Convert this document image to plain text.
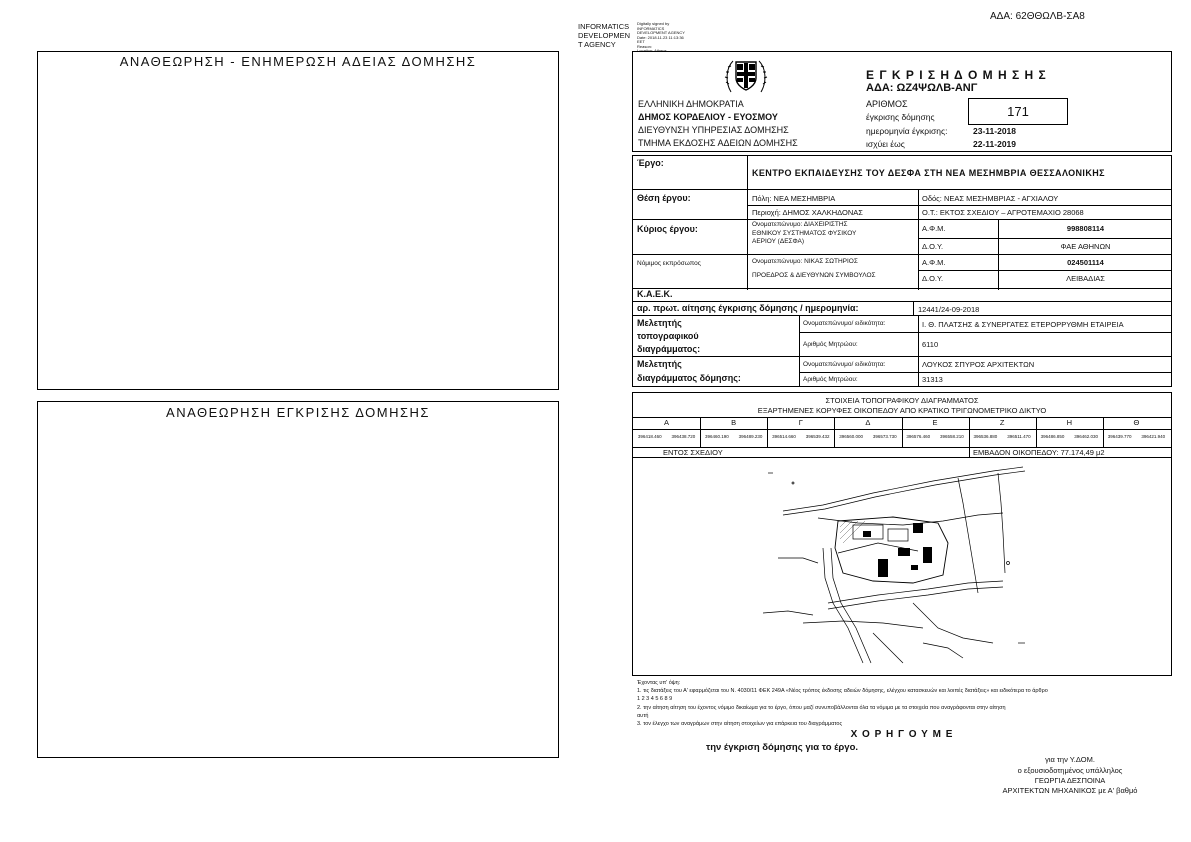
ΑΔΑ: 62ΘΘΩΛΒ-ΣΑ8
INFORMATICS
DEVELOPMEN
T AGENCY
Digitally signed by
INFORMATICS
DEVELOPMENT AGENCY
Date: 2018.11.23 11:13:36
EET
Reason:
Location: Athens
ΑΝΑΘΕΩΡΗΣΗ - ΕΝΗΜΕΡΩΣΗ ΑΔΕΙΑΣ ΔΟΜΗΣΗΣ
ΑΝΑΘΕΩΡΗΣΗ ΕΓΚΡΙΣΗΣ ΔΟΜΗΣΗΣ
Ε Γ Κ Ρ Ι Σ Η Δ Ο Μ Η Σ Η Σ
ΑΔΑ: ΩΖ4ΨΩΛΒ-ΑΝΓ
ΕΛΛΗΝΙΚΗ ΔΗΜΟΚΡΑΤΙΑ
ΔΗΜΟΣ ΚΟΡΔΕΛΙΟΥ - ΕΥΟΣΜΟΥ
ΔΙΕΥΘΥΝΣΗ ΥΠΗΡΕΣΙΑΣ ΔΟΜΗΣΗΣ
ΤΜΗΜΑ ΕΚΔΟΣΗΣ ΑΔΕΙΩΝ ΔΟΜΗΣΗΣ
ΑΡΙΘΜΟΣ
έγκρισης δόμησης	171
ημερομηνία έγκρισης:	23-11-2018
ισχύει έως	22-11-2019
Έργο:
ΚΕΝΤΡΟ ΕΚΠΑΙΔΕΥΣΗΣ ΤΟΥ ΔΕΣΦΑ ΣΤΗ ΝΕΑ ΜΕΣΗΜΒΡΙΑ ΘΕΣΣΑΛΟΝΙΚΗΣ
Θέση έργου:	Πόλη: ΝΕΑ ΜΕΣΗΜΒΡΙΑ	Οδός: ΝΕΑΣ ΜΕΣΗΜΒΡΙΑΣ - ΑΓΧΙΑΛΟΥ
Περιοχή: ΔΗΜΟΣ ΧΑΛΚΗΔΟΝΑΣ	Ο.Τ.: ΕΚΤΟΣ ΣΧΕΔΙΟΥ – ΑΓΡΟΤΕΜΑΧΙΟ 28068
Κύριος έργου:	Ονοματεπώνυμο: ΔΙΑΧΕΙΡΙΣΤΗΣ
ΕΘΝΙΚΟΥ ΣΥΣΤΗΜΑΤΟΣ ΦΥΣΙΚΟΥ
ΑΕΡΙΟΥ (ΔΕΣΦΑ)
Α.Φ.Μ.	998808114
Δ.Ο.Υ.	ΦΑΕ ΑΘΗΝΩΝ
Νόμιμος εκπρόσωπος	Ονοματεπώνυμο: ΝΙΚΑΣ ΣΩΤΗΡΙΟΣ
ΠΡΟΕΔΡΟΣ & ΔΙΕΥΘΥΝΩΝ ΣΥΜΒΟΥΛΟΣ
Α.Φ.Μ.	024501114
Δ.Ο.Υ.	ΛΕΙΒΑΔΙΑΣ
Κ.Α.Ε.Κ.
αρ. πρωτ. αίτησης έγκρισης δόμησης / ημερομηνία:	12441/24-09-2018
Μελετητής
τοπογραφικού
διαγράμματος:
Ονοματεπώνυμο/ ειδικότητα:	Ι. Θ. ΠΛΑΤΣΗΣ & ΣΥΝΕΡΓΑΤΕΣ ΕΤΕΡΟΡΡΥΘΜΗ ΕΤΑΙΡΕΙΑ
Αριθμός Μητρώου:	6110
Μελετητής
διαγράμματος δόμησης:
Ονοματεπώνυμο/ ειδικότητα:	ΛΟΥΚΟΣ ΣΠΥΡΟΣ ΑΡΧΙΤΕΚΤΩΝ
Αριθμός Μητρώου:	31313
ΣΤΟΙΧΕΙΑ ΤΟΠΟΓΡΑΦΙΚΟΥ ΔΙΑΓΡΑΜΜΑΤΟΣ
ΕΞΑΡΤΗΜΕΝΕΣ ΚΟΡΥΦΕΣ ΟΙΚΟΠΕΔΟΥ ΑΠΟ ΚΡΑΤΙΚΟ ΤΡΙΓΩΝΟΜΕΤΡΙΚΟ ΔΙΚΤΥΟ
Α	Β	Γ	Δ	Ε	Ζ	Η	Θ
396418.460	396438.720	396460.190	396489.230	396514.660	396539.432	396560.000	396573.730	396576.460	396558.210	396536.880	396511.470	396486.850	396462.030	396439.770	396421.940
ΕΝΤΟΣ ΣΧΕΔΙΟΥ	ΕΜΒΑΔΟΝ ΟΙΚΟΠΕΔΟΥ: 77.174,49 μ2
Έχοντας υπ' όψη:
1. τις διατάξεις του Α' εφαρμόζεται του Ν. 4030/11 ΦΕΚ 249Α «Νέος τρόπος έκδοσης αδειών δόμησης, ελέγχου κατασκευών και λοιπές διατάξεις» και ειδικότερα το άρθρο
1 2 3 4 5 6 8 9
2. την αίτηση αίτηση του έχοντος νόμιμο δικαίωμα για το έργο, όπου μαζί συνυποβάλλονται όλα τα νόμιμα με τα στοιχεία που αναγράφονται στην αίτηση
αυτή
3. τον έλεγχο των αναγράμων στην αίτηση στοιχείων για επάρκεια του διαγράμματος
Χ Ο Ρ Η Γ Ο Υ Μ Ε
την έγκριση δόμησης για το έργο.
για την Υ.ΔΟΜ.
ο εξουσιοδοτημένος υπάλληλος
ΓΕΩΡΓΙΑ ΔΕΣΠΟΙΝΑ
ΑΡΧΙΤΕΚΤΩΝ ΜΗΧΑΝΙΚΟΣ με Α' βαθμό
